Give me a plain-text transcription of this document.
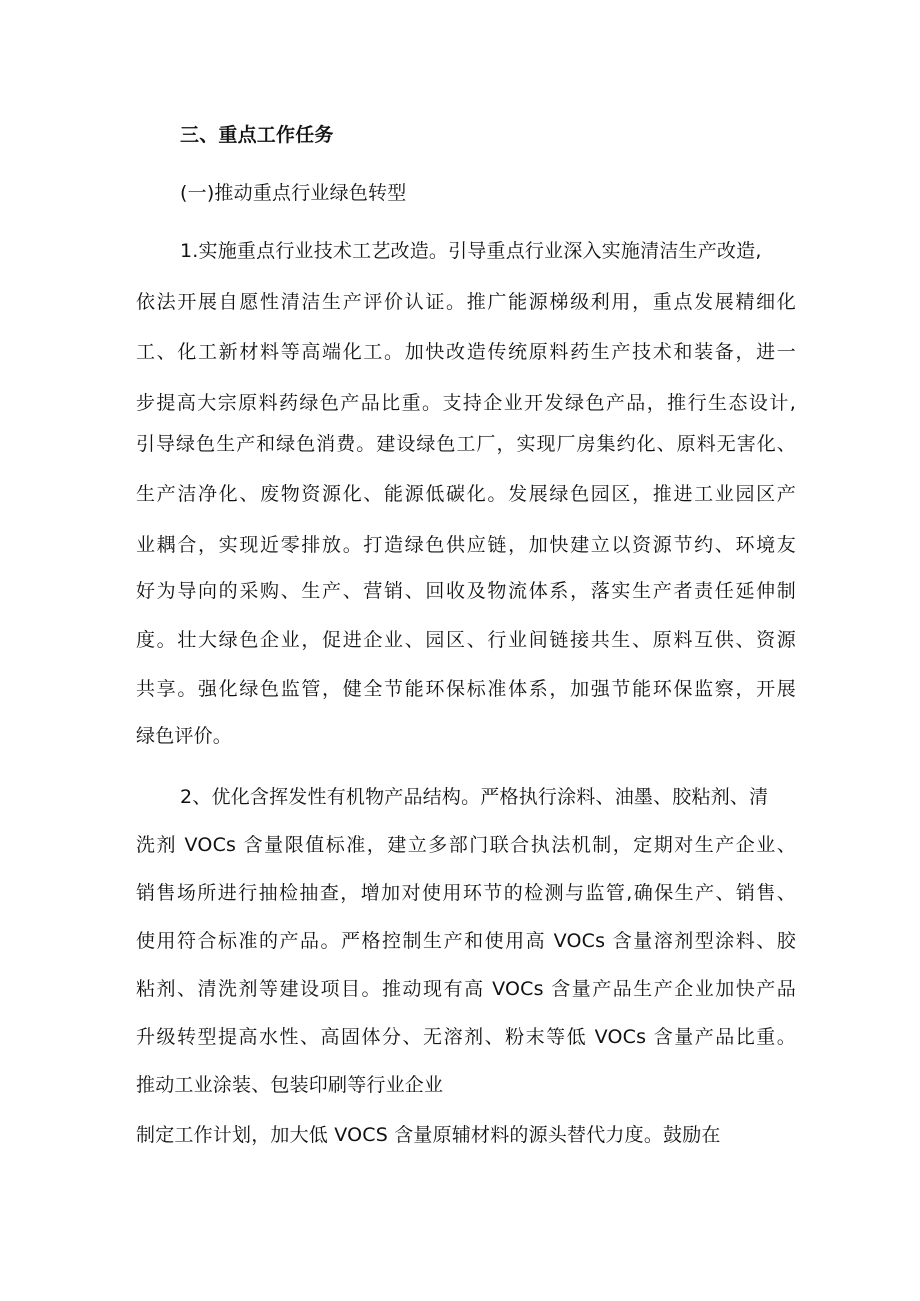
三、重点工作任务
(一)推动重点行业绿色转型
1.实施重点行业技术工艺改造。引导重点行业深入实施清洁生产改造,
依法开展自愿性清洁生产评价认证。推广能源梯级利用，重点发展精细化
工、化工新材料等高端化工。加快改造传统原料药生产技术和装备，进一
步提高大宗原料药绿色产品比重。支持企业开发绿色产品，推行生态设计,
引导绿色生产和绿色消费。建设绿色工厂，实现厂房集约化、原料无害化、
生产洁净化、废物资源化、能源低碳化。发展绿色园区，推进工业园区产
业耦合，实现近零排放。打造绿色供应链，加快建立以资源节约、环境友
好为导向的采购、生产、营销、回收及物流体系，落实生产者责任延伸制
度。壮大绿色企业，促进企业、园区、行业间链接共生、原料互供、资源
共享。强化绿色监管，健全节能环保标准体系，加强节能环保监察，开展
绿色评价。
2、优化含挥发性有机物产品结构。严格执行涂料、油墨、胶粘剂、清
洗剂 VOCs 含量限值标准，建立多部门联合执法机制，定期对生产企业、
销售场所进行抽检抽查，增加对使用环节的检测与监管,确保生产、销售、
使用符合标准的产品。严格控制生产和使用高 VOCs 含量溶剂型涂料、胶
粘剂、清洗剂等建设项目。推动现有高 VOCs 含量产品生产企业加快产品
升级转型提高水性、高固体分、无溶剂、粉末等低 VOCs 含量产品比重。
推动工业涂装、包装印刷等行业企业
制定工作计划，加大低 VOCS 含量原辅材料的源头替代力度。鼓励在
